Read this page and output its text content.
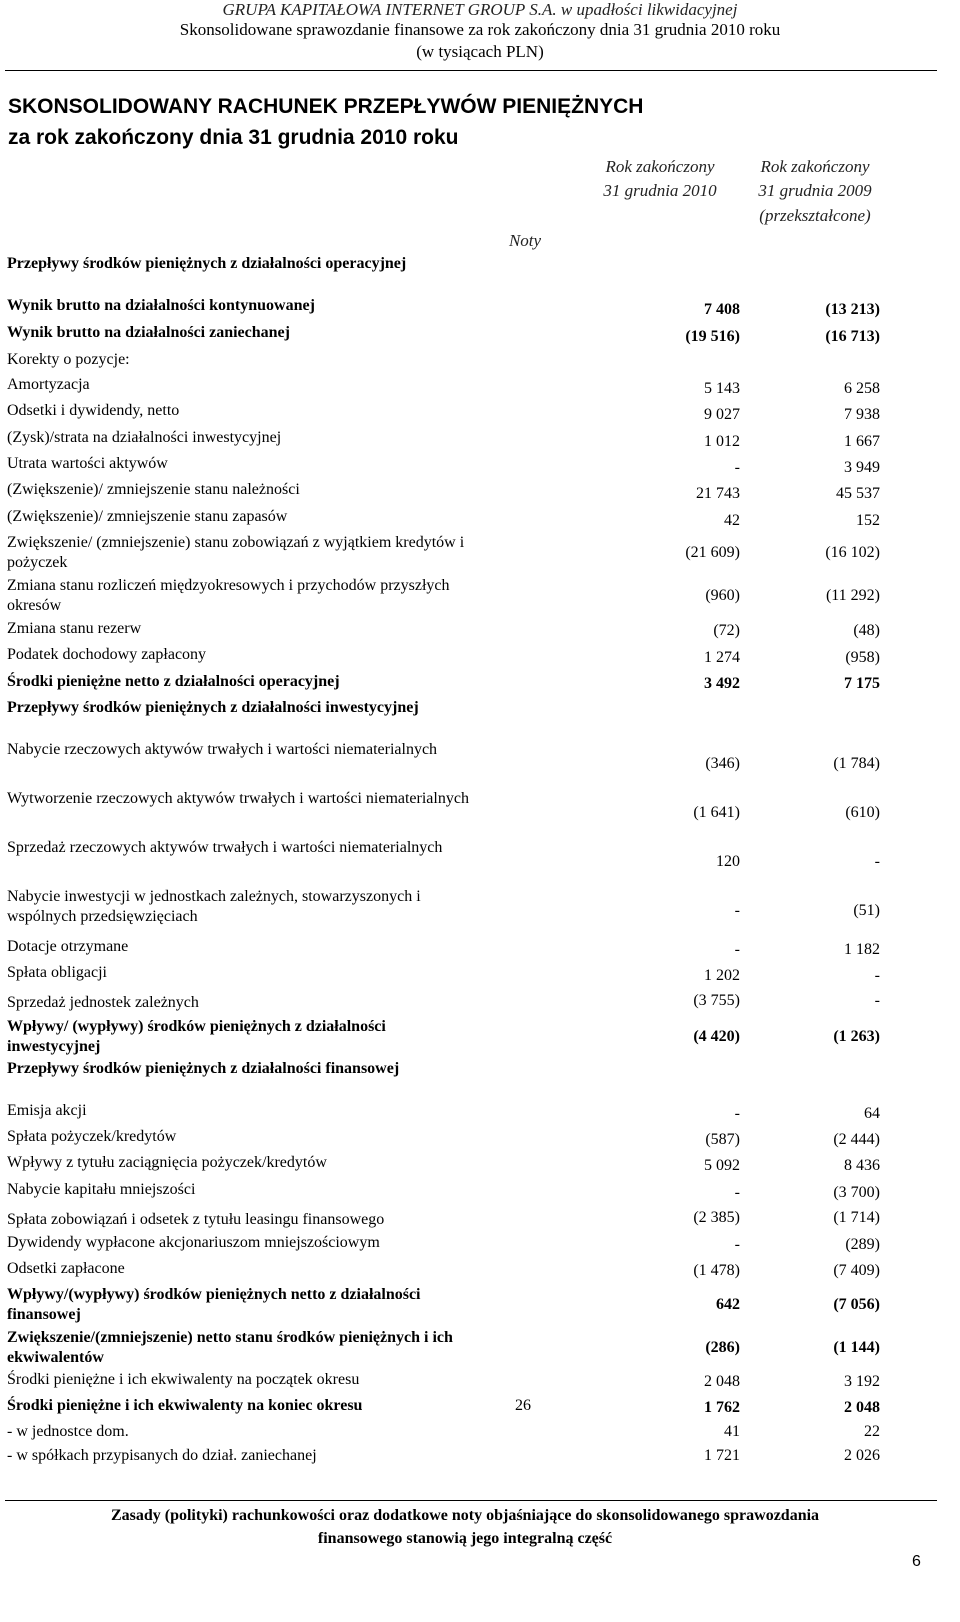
GRUPA KAPITAŁOWA INTERNET GROUP S.A. w upadłości likwidacyjnej
Skonsolidowane sprawozdanie finansowe za rok zakończony dnia 31 grudnia 2010 roku
(w tysiącach PLN)
SKONSOLIDOWANY RACHUNEK PRZEPŁYWÓW PIENIĘŻNYCH
za rok zakończony dnia 31 grudnia 2010 roku
Rok zakończony
31 grudnia 2010
Rok zakończony
31 grudnia 2009
(przekształcone)
Noty
Przepływy środków pieniężnych z działalności operacyjnej
Wynik brutto na działalności kontynuowanej	7 408	(13 213)
Wynik brutto na działalności zaniechanej	(19 516)	(16 713)
Korekty o pozycje:
Amortyzacja	5 143	6 258
Odsetki i dywidendy, netto	9 027	7 938
(Zysk)/strata na działalności inwestycyjnej	1 012	1 667
Utrata wartości aktywów	-	3 949
(Zwiększenie)/ zmniejszenie stanu należności	21 743	45 537
(Zwiększenie)/ zmniejszenie stanu zapasów	42	152
Zwiększenie/ (zmniejszenie) stanu zobowiązań z wyjątkiem kredytów i pożyczek
(21 609)	(16 102)
Zmiana stanu rozliczeń międzyokresowych i przychodów przyszłych okresów
(960)	(11 292)
Zmiana stanu rezerw	(72)	(48)
Podatek dochodowy zapłacony	1 274	(958)
Środki pieniężne netto z działalności operacyjnej	3 492	7 175
Przepływy środków pieniężnych z działalności inwestycyjnej
Nabycie rzeczowych aktywów trwałych i wartości niematerialnych
(346)	(1 784)
Wytworzenie rzeczowych aktywów trwałych i wartości niematerialnych
(1 641)	(610)
Sprzedaż rzeczowych aktywów trwałych i wartości niematerialnych
120	-
Nabycie inwestycji w jednostkach zależnych, stowarzyszonych i wspólnych przedsięwzięciach	-	(51)
Dotacje otrzymane	-	1 182
Spłata obligacji	1 202	-
Sprzedaż jednostek zależnych	(3 755)	-
Wpływy/ (wypływy) środków pieniężnych z działalności inwestycyjnej
(4 420)	(1 263)
Przepływy środków pieniężnych z działalności finansowej
Emisja akcji	-	64
Spłata pożyczek/kredytów	(587)	(2 444)
Wpływy z tytułu zaciągnięcia pożyczek/kredytów	5 092	8 436
Nabycie kapitału mniejszości	-	(3 700)
Spłata zobowiązań i odsetek z tytułu leasingu finansowego	(2 385)	(1 714)
Dywidendy wypłacone akcjonariuszom mniejszościowym	-	(289)
Odsetki zapłacone	(1 478)	(7 409)
Wpływy/(wypływy) środków pieniężnych netto z działalności finansowej
642	(7 056)
Zwiększenie/(zmniejszenie) netto stanu środków pieniężnych i ich ekwiwalentów
(286)	(1 144)
Środki pieniężne i ich ekwiwalenty na początek okresu	2 048	3 192
Środki pieniężne i ich ekwiwalenty na koniec okresu	26	1 762	2 048
- w jednostce dom.	41	22
- w spółkach przypisanych do dział. zaniechanej	1 721	2 026
Zasady (polityki) rachunkowości oraz dodatkowe noty objaśniające do skonsolidowanego sprawozdania
finansowego stanowią jego integralną część
6
